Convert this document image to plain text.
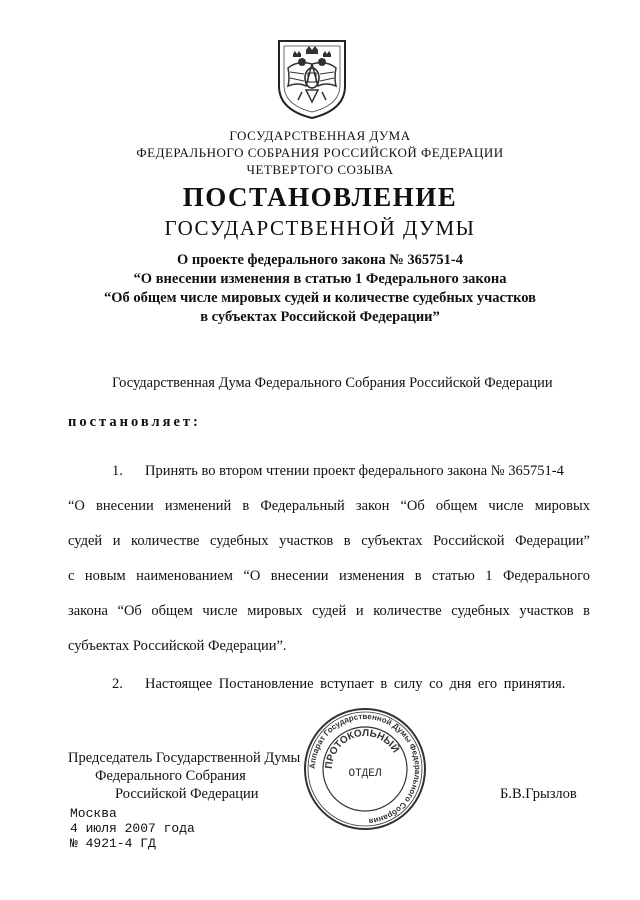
ГОСУДАРСТВЕННАЯ ДУМА
ФЕДЕРАЛЬНОГО СОБРАНИЯ РОССИЙСКОЙ ФЕДЕРАЦИИ
ЧЕТВЕРТОГО СОЗЫВА
ПОСТАНОВЛЕНИЕ
ГОСУДАРСТВЕННОЙ ДУМЫ
О проекте федерального закона № 365751-4
“О внесении изменения в статью 1 Федерального закона
“Об общем числе мировых судей и количестве судебных участков
в субъектах Российской Федерации”
Государственная Дума Федерального Собрания Российской Федерации
постановляет:
1. Принять во втором чтении проект федерального закона № 365751-4
“О внесении изменений в Федеральный закон “Об общем числе мировых
судей и количестве судебных участков в субъектах Российской Федерации”
с новым наименованием “О внесении изменения в статью 1 Федерального
закона “Об общем числе мировых судей и количестве судебных участков в
субъектах Российской Федерации”.
2. Настоящее Постановление вступает в силу со дня его принятия.
Председатель Государственной Думы
Федерального Собрания
Российской Федерации	Б.В.Грызлов
Москва
4 июля 2007 года
№ 4921-4 ГД
Аппарат Государственной Думы Федерального Собрания
ПРОТОКОЛЬНЫЙ
ОТДЕЛ
